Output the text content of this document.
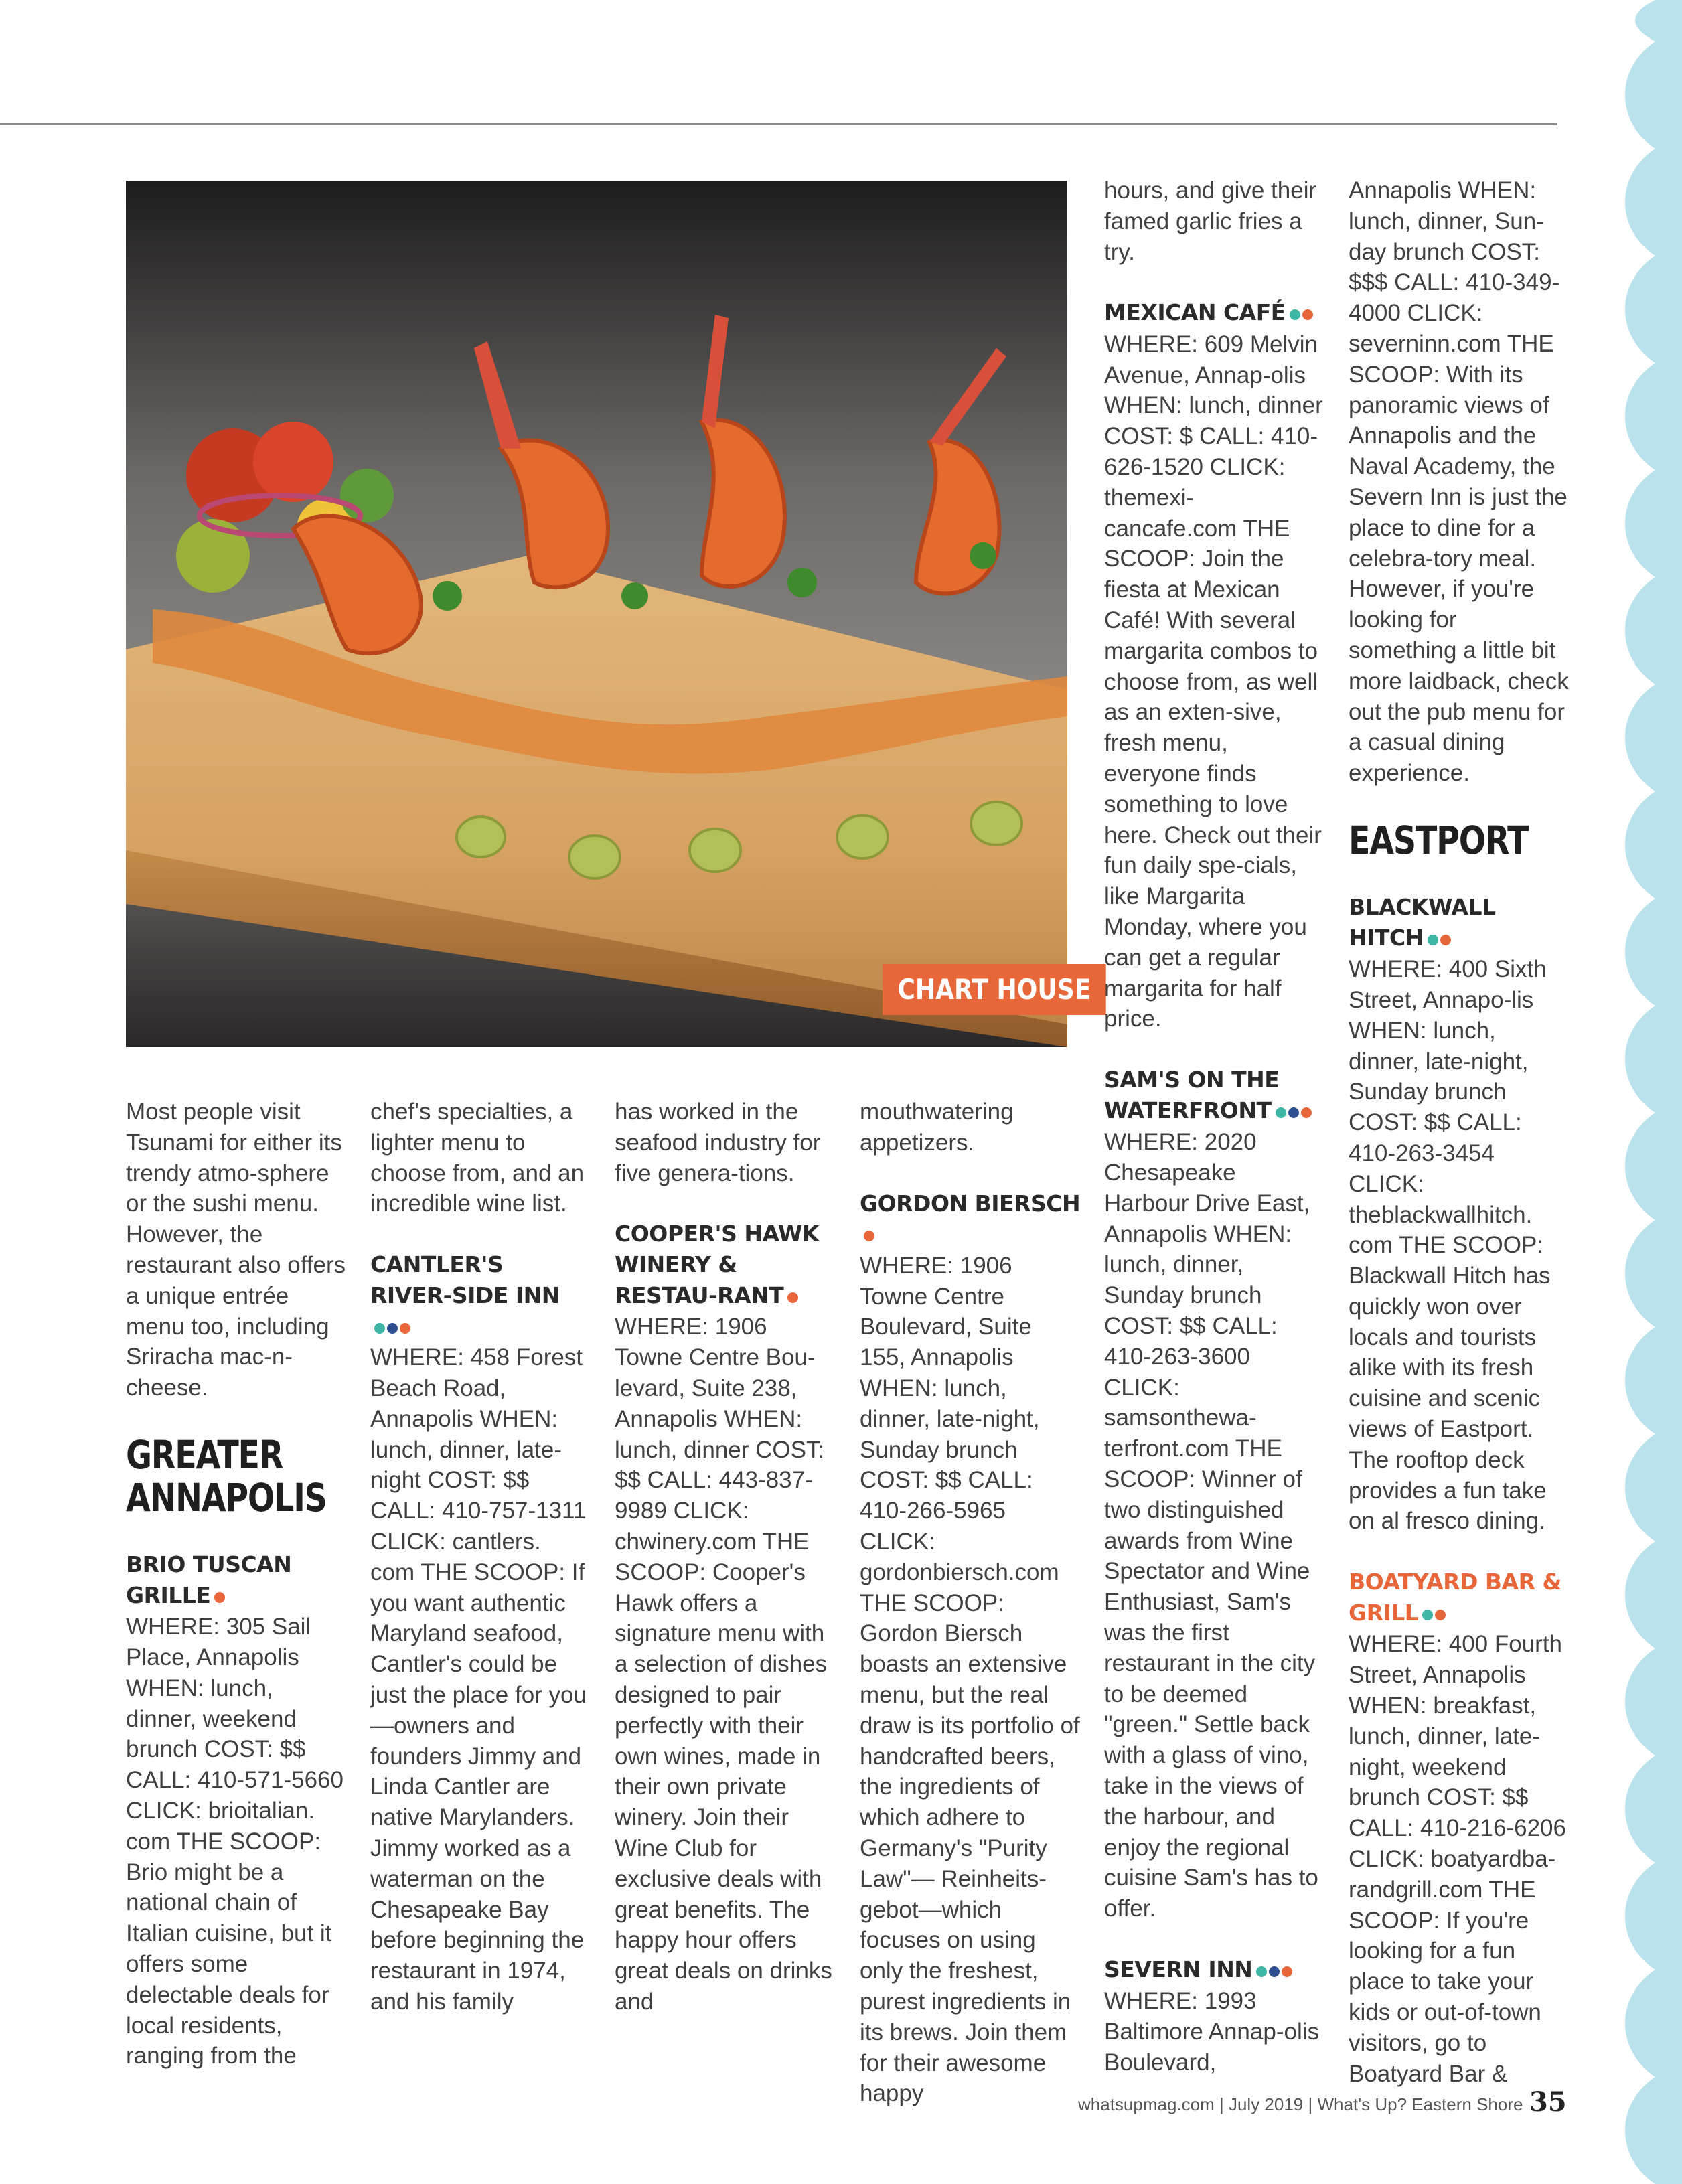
CHART HOUSE

Most people visit Tsunami for either its trendy atmo-sphere or the sushi menu. However, the restaurant also offers a unique entrée menu too, including Sriracha mac-n-cheese.

GREATER
ANNAPOLIS

BRIO TUSCAN GRILLE

WHERE: 305 Sail Place, Annapolis WHEN: lunch, dinner, weekend brunch COST: $$ CALL: 410-571-5660 CLICK: brioitalian. com THE SCOOP: Brio might be a national chain of Italian cuisine, but it offers some delectable deals for local residents, ranging from the

chef's specialties, a lighter menu to choose from, and an incredible wine list.

CANTLER'S RIVER-SIDE INN

WHERE: 458 Forest Beach Road, Annapolis WHEN: lunch, dinner, late-night COST: $$ CALL: 410-757-1311 CLICK: cantlers. com THE SCOOP: If you want authentic Maryland seafood, Cantler's could be just the place for you—owners and founders Jimmy and Linda Cantler are native Marylanders. Jimmy worked as a waterman on the Chesapeake Bay before beginning the restaurant in 1974, and his family

has worked in the seafood industry for five genera-tions.

COOPER'S HAWK WINERY & RESTAU-RANT

WHERE: 1906 Towne Centre Bou-levard, Suite 238, Annapolis WHEN: lunch, dinner COST: $$ CALL: 443-837-9989 CLICK: chwinery.com THE SCOOP: Cooper's Hawk offers a signature menu with a selection of dishes designed to pair perfectly with their own wines, made in their own private winery. Join their Wine Club for exclusive deals with great benefits. The happy hour offers great deals on drinks and

mouthwatering appetizers.

GORDON BIERSCH

WHERE: 1906 Towne Centre Boulevard, Suite 155, Annapolis WHEN: lunch, dinner, late-night, Sunday brunch COST: $$ CALL: 410-266-5965 CLICK: gordonbiersch.com THE SCOOP: Gordon Biersch boasts an extensive menu, but the real draw is its portfolio of handcrafted beers, the ingredients of which adhere to Germany's "Purity Law"— Reinheits-gebot—which focuses on using only the freshest, purest ingredients in its brews. Join them for their awesome happy

hours, and give their famed garlic fries a try.

MEXICAN CAFÉ

WHERE: 609 Melvin Avenue, Annap-olis WHEN: lunch, dinner COST: $ CALL: 410-626-1520 CLICK: themexi-cancafe.com THE SCOOP: Join the fiesta at Mexican Café! With several margarita combos to choose from, as well as an exten-sive, fresh menu, everyone finds something to love here. Check out their fun daily spe-cials, like Margarita Monday, where you can get a regular margarita for half price.

SAM'S ON THE WATERFRONT

WHERE: 2020 Chesapeake Harbour Drive East, Annapolis WHEN: lunch, dinner, Sunday brunch COST: $$ CALL: 410-263-3600 CLICK: samsonthewa-terfront.com THE SCOOP: Winner of two distinguished awards from Wine Spectator and Wine Enthusiast, Sam's was the first restaurant in the city to be deemed "green." Settle back with a glass of vino, take in the views of the harbour, and enjoy the regional cuisine Sam's has to offer.

SEVERN INN

WHERE: 1993 Baltimore Annap-olis Boulevard,

Annapolis WHEN: lunch, dinner, Sun-day brunch COST: $$$ CALL: 410-349-4000 CLICK: severninn.com THE SCOOP: With its panoramic views of Annapolis and the Naval Academy, the Severn Inn is just the place to dine for a celebra-tory meal. However, if you're looking for something a little bit more laidback, check out the pub menu for a casual dining experience.

EASTPORT

BLACKWALL HITCH

WHERE: 400 Sixth Street, Annapo-lis WHEN: lunch, dinner, late-night, Sunday brunch COST: $$ CALL: 410-263-3454 CLICK: theblackwallhitch. com THE SCOOP: Blackwall Hitch has quickly won over locals and tourists alike with its fresh cuisine and scenic views of Eastport. The rooftop deck provides a fun take on al fresco dining.

BOATYARD BAR & GRILL

WHERE: 400 Fourth Street, Annapolis WHEN: breakfast, lunch, dinner, late-night, weekend brunch COST: $$ CALL: 410-216-6206 CLICK: boatyardba-randgrill.com THE SCOOP: If you're looking for a fun place to take your kids or out-of-town visitors, go to Boatyard Bar &

whatsupmag.com | July 2019 | What's Up? Eastern Shore 35
